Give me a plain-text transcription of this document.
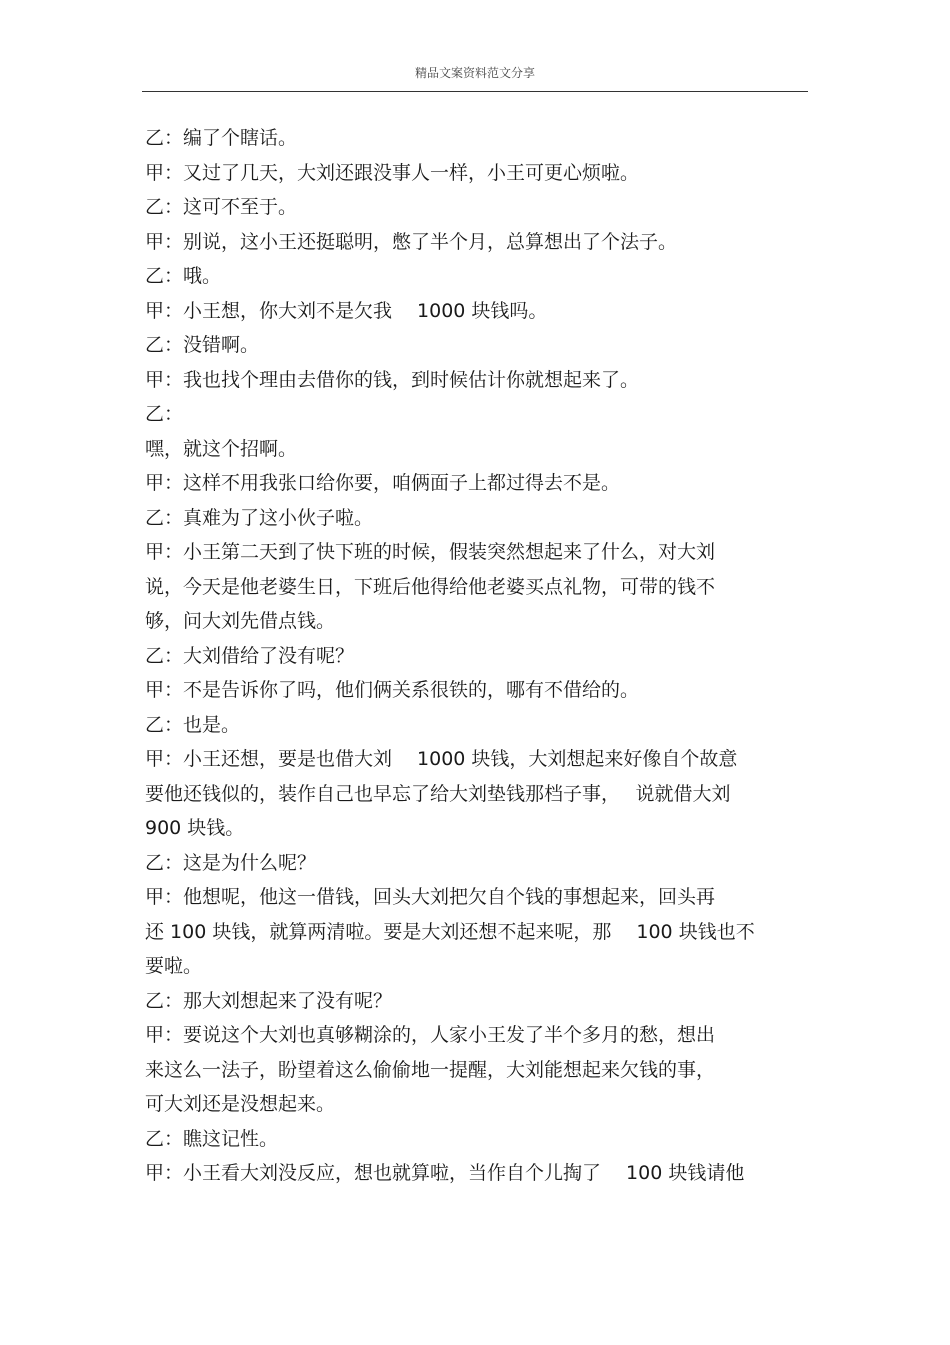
精品文案资料范文分享
乙：编了个瞎话。
甲：又过了几天，大刘还跟没事人一样，小王可更心烦啦。
乙：这可不至于。
甲：别说，这小王还挺聪明，憋了半个月，总算想出了个法子。
乙：哦。
甲：小王想，你大刘不是欠我　 1000 块钱吗。
乙：没错啊。
甲：我也找个理由去借你的钱，到时候估计你就想起来了。
乙：
嘿，就这个招啊。
甲：这样不用我张口给你要，咱俩面子上都过得去不是。
乙：真难为了这小伙子啦。
甲：小王第二天到了快下班的时候，假装突然想起来了什么，对大刘
说，今天是他老婆生日，下班后他得给他老婆买点礼物，可带的钱不
够，问大刘先借点钱。
乙：大刘借给了没有呢？
甲：不是告诉你了吗，他们俩关系很铁的，哪有不借给的。
乙：也是。
甲：小王还想，要是也借大刘　 1000 块钱，大刘想起来好像自个故意
要他还钱似的，装作自己也早忘了给大刘垫钱那档子事，　 说就借大刘
900 块钱。
乙：这是为什么呢？
甲：他想呢，他这一借钱，回头大刘把欠自个钱的事想起来，回头再
还 100 块钱，就算两清啦。要是大刘还想不起来呢，那　 100 块钱也不
要啦。
乙：那大刘想起来了没有呢？
甲：要说这个大刘也真够糊涂的，人家小王发了半个多月的愁，想出
来这么一法子，盼望着这么偷偷地一提醒，大刘能想起来欠钱的事，
可大刘还是没想起来。
乙：瞧这记性。
甲：小王看大刘没反应，想也就算啦，当作自个儿掏了　 100 块钱请他
